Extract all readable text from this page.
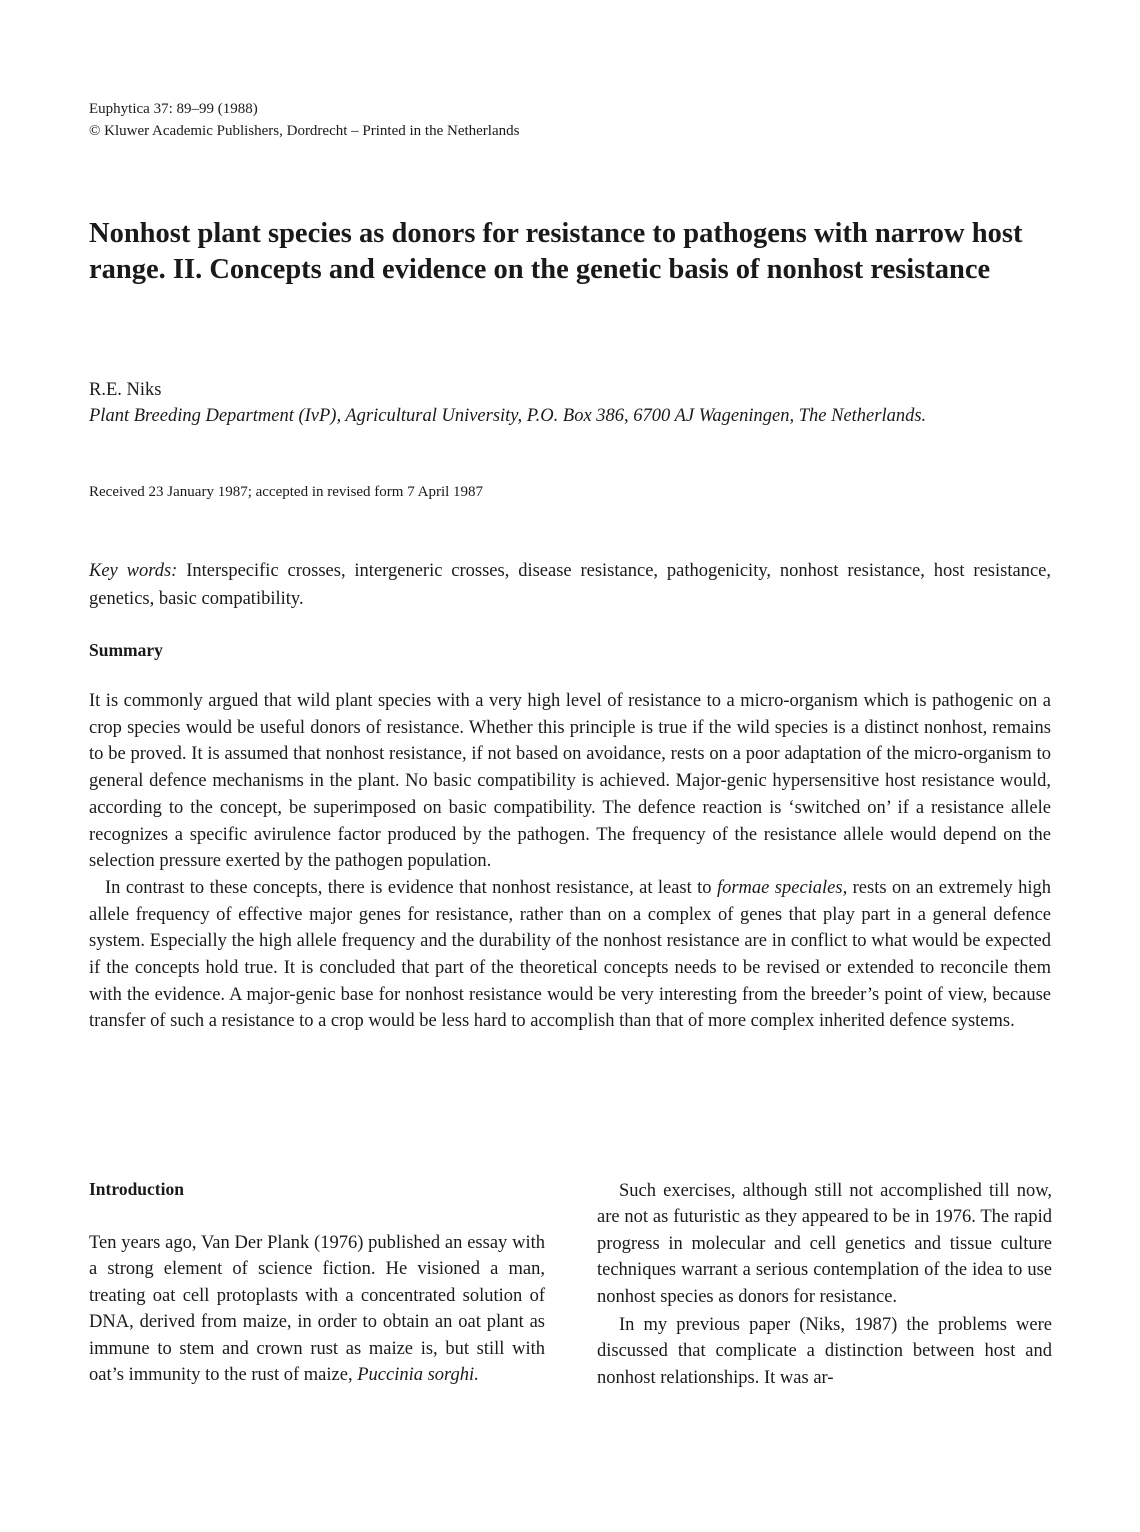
Euphytica 37: 89–99 (1988)
© Kluwer Academic Publishers, Dordrecht – Printed in the Netherlands
Nonhost plant species as donors for resistance to pathogens with narrow host range. II. Concepts and evidence on the genetic basis of nonhost resistance
R.E. Niks
Plant Breeding Department (IvP), Agricultural University, P.O. Box 386, 6700 AJ Wageningen, The Netherlands.
Received 23 January 1987; accepted in revised form 7 April 1987
Key words: Interspecific crosses, intergeneric crosses, disease resistance, pathogenicity, nonhost resistance, host resistance, genetics, basic compatibility.
Summary

It is commonly argued that wild plant species with a very high level of resistance to a micro-organism which is pathogenic on a crop species would be useful donors of resistance. Whether this principle is true if the wild species is a distinct nonhost, remains to be proved. It is assumed that nonhost resistance, if not based on avoidance, rests on a poor adaptation of the micro-organism to general defence mechanisms in the plant. No basic compatibility is achieved. Major-genic hypersensitive host resistance would, according to the concept, be superimposed on basic compatibility. The defence reaction is ‘switched on’ if a resistance allele recognizes a specific avirulence factor produced by the pathogen. The frequency of the resistance allele would depend on the selection pressure exerted by the pathogen population.

In contrast to these concepts, there is evidence that nonhost resistance, at least to formae speciales, rests on an extremely high allele frequency of effective major genes for resistance, rather than on a complex of genes that play part in a general defence system. Especially the high allele frequency and the durability of the nonhost resistance are in conflict to what would be expected if the concepts hold true. It is concluded that part of the theoretical concepts needs to be revised or extended to reconcile them with the evidence. A major-genic base for nonhost resistance would be very interesting from the breeder’s point of view, because transfer of such a resistance to a crop would be less hard to accomplish than that of more complex inherited defence systems.

Introduction

Ten years ago, Van Der Plank (1976) published an essay with a strong element of science fiction. He visioned a man, treating oat cell protoplasts with a concentrated solution of DNA, derived from maize, in order to obtain an oat plant as immune to stem and crown rust as maize is, but still with oat’s immunity to the rust of maize, Puccinia sorghi.

Such exercises, although still not accomplished till now, are not as futuristic as they appeared to be in 1976. The rapid progress in molecular and cell genetics and tissue culture techniques warrant a serious contemplation of the idea to use nonhost species as donors for resistance.

In my previous paper (Niks, 1987) the problems were discussed that complicate a distinction between host and nonhost relationships. It was ar-
